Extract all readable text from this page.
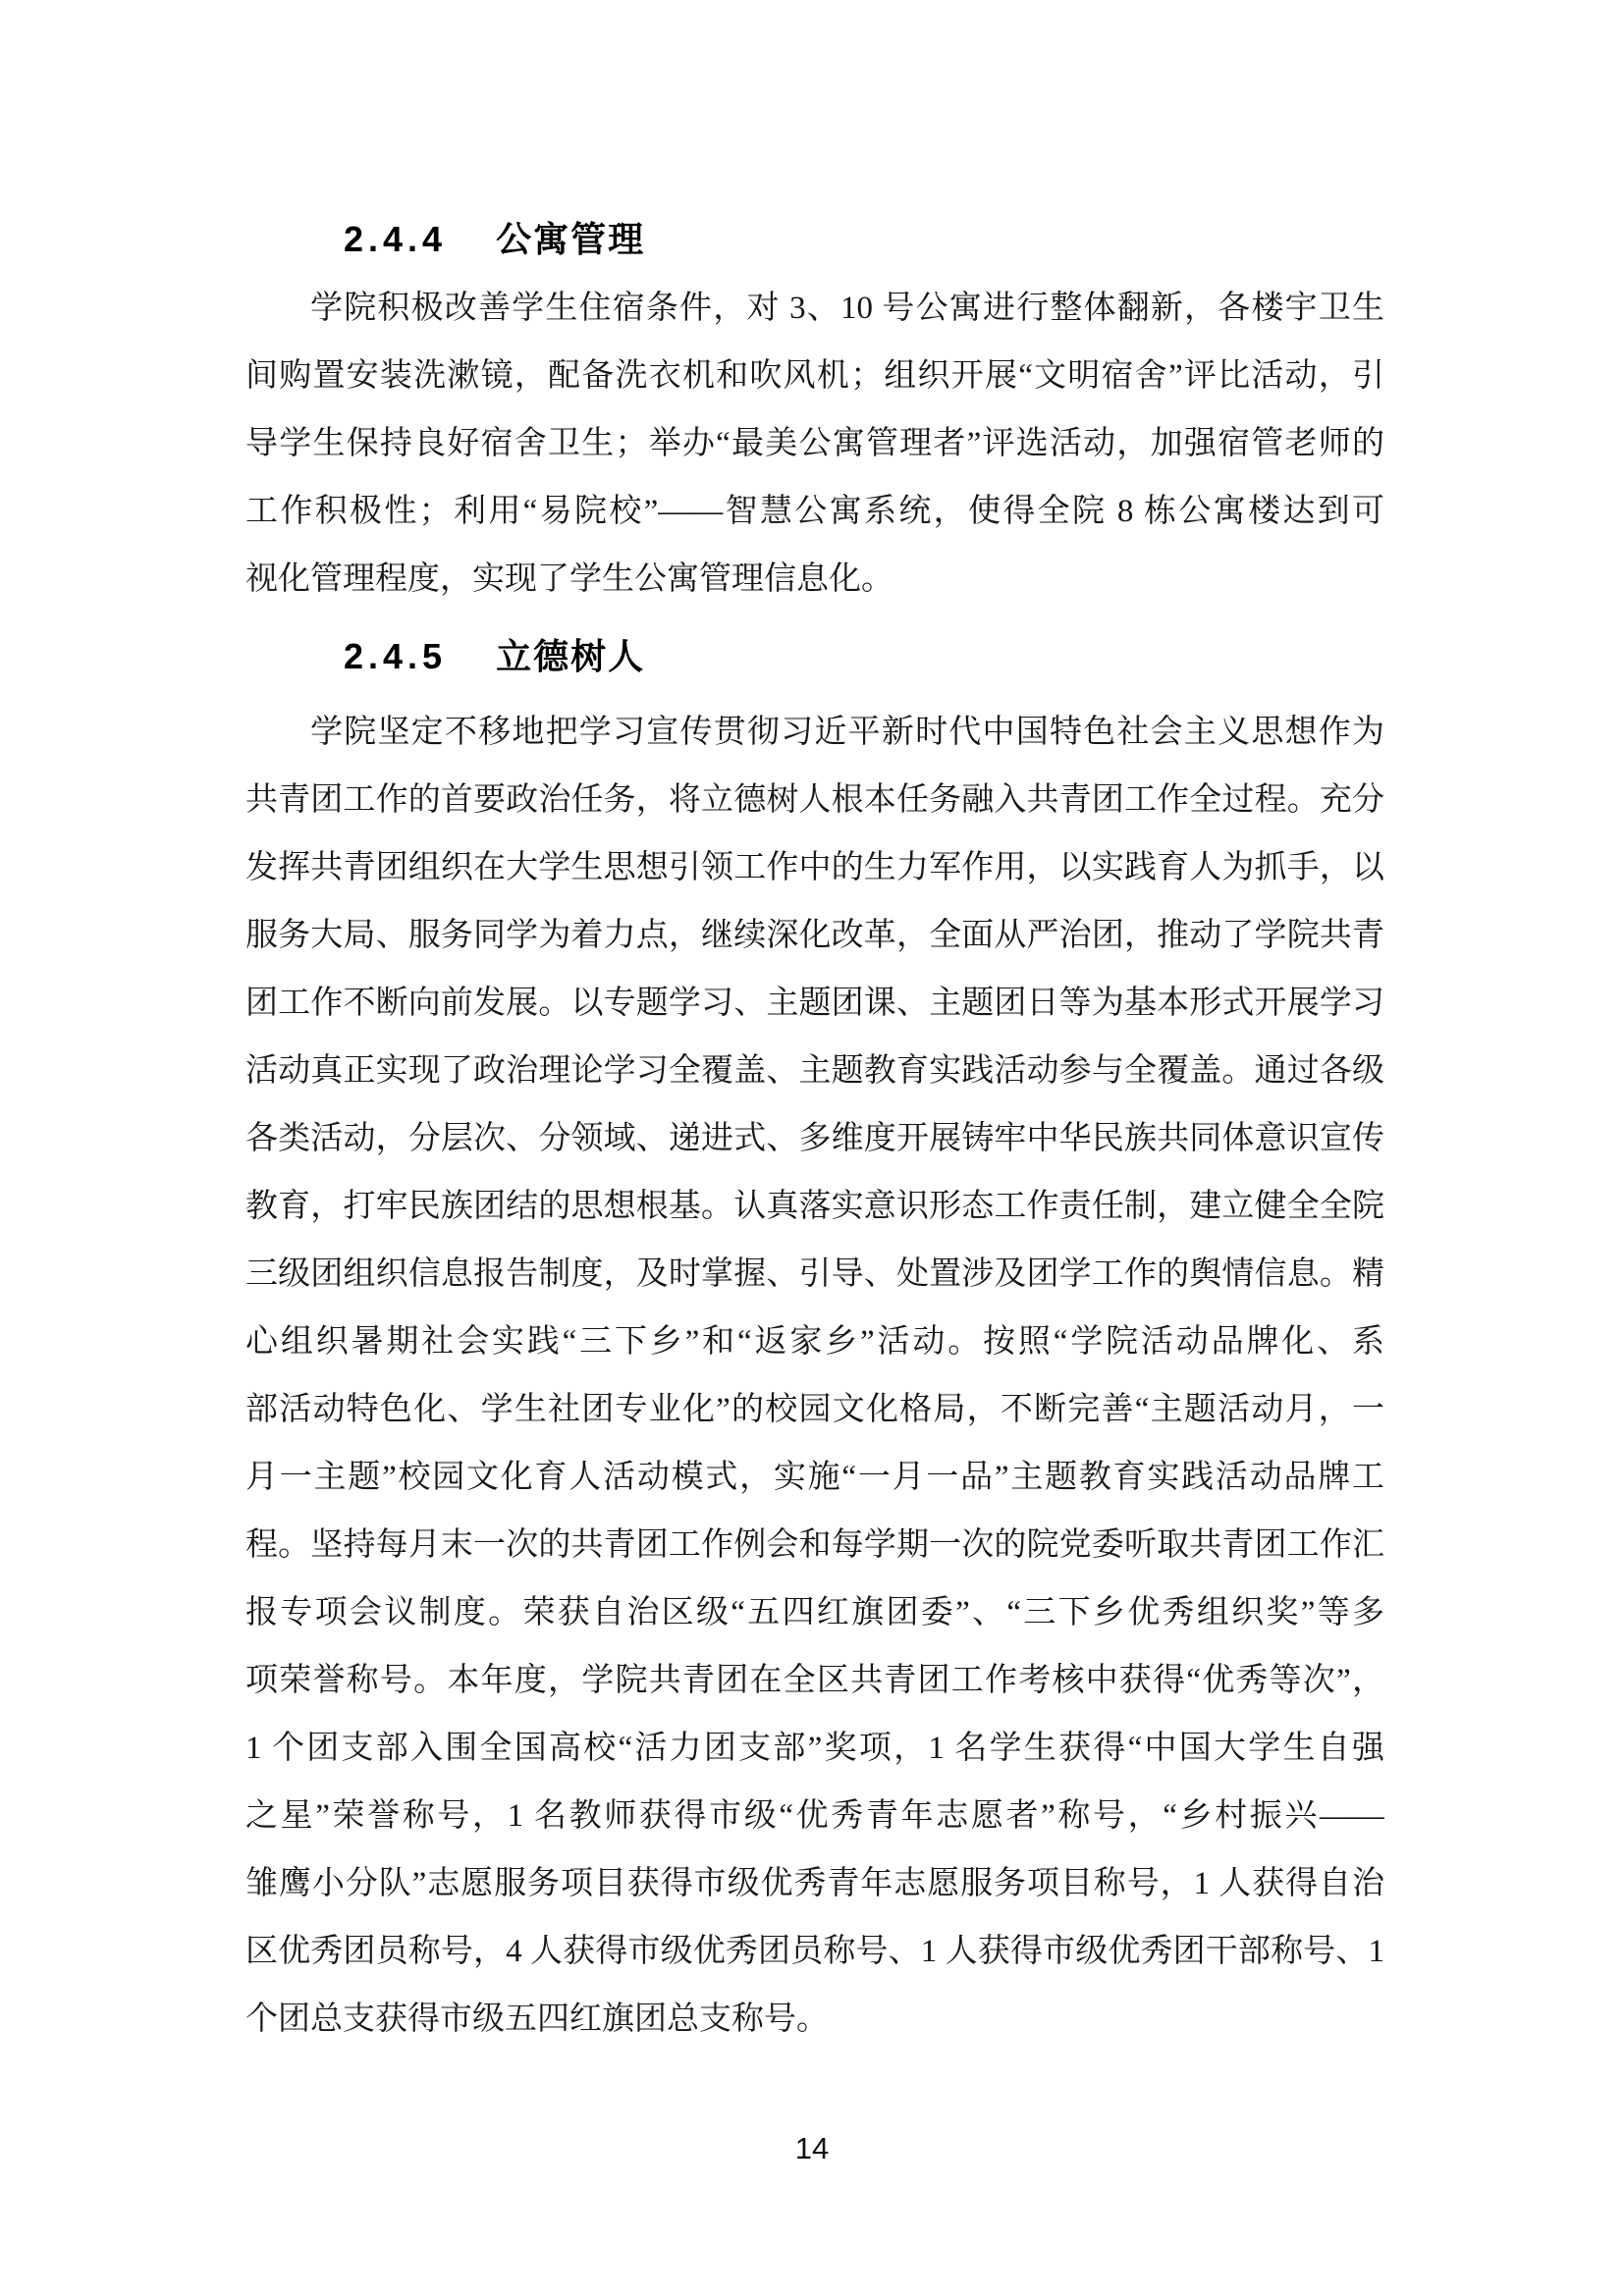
2.4.4 公寓管理
学院积极改善学生住宿条件，对 3、10 号公寓进行整体翻新，各楼宇卫生
间购置安装洗漱镜，配备洗衣机和吹风机；组织开展“文明宿舍”评比活动，引
导学生保持良好宿舍卫生；举办“最美公寓管理者”评选活动，加强宿管老师的
工作积极性；利用“易院校”——智慧公寓系统，使得全院 8 栋公寓楼达到可
视化管理程度，实现了学生公寓管理信息化。
2.4.5 立德树人
学院坚定不移地把学习宣传贯彻习近平新时代中国特色社会主义思想作为
共青团工作的首要政治任务，将立德树人根本任务融入共青团工作全过程。充分
发挥共青团组织在大学生思想引领工作中的生力军作用，以实践育人为抓手，以
服务大局、服务同学为着力点，继续深化改革，全面从严治团，推动了学院共青
团工作不断向前发展。以专题学习、主题团课、主题团日等为基本形式开展学习
活动真正实现了政治理论学习全覆盖、主题教育实践活动参与全覆盖。通过各级
各类活动，分层次、分领域、递进式、多维度开展铸牢中华民族共同体意识宣传
教育，打牢民族团结的思想根基。认真落实意识形态工作责任制，建立健全全院
三级团组织信息报告制度，及时掌握、引导、处置涉及团学工作的舆情信息。精
心组织暑期社会实践“三下乡”和“返家乡”活动。按照“学院活动品牌化、系
部活动特色化、学生社团专业化”的校园文化格局，不断完善“主题活动月，一
月一主题”校园文化育人活动模式，实施“一月一品”主题教育实践活动品牌工
程。坚持每月末一次的共青团工作例会和每学期一次的院党委听取共青团工作汇
报专项会议制度。荣获自治区级“五四红旗团委”、“三下乡优秀组织奖”等多
项荣誉称号。本年度，学院共青团在全区共青团工作考核中获得“优秀等次”，
1 个团支部入围全国高校“活力团支部”奖项，1 名学生获得“中国大学生自强
之星”荣誉称号，1 名教师获得市级“优秀青年志愿者”称号，“乡村振兴——
雏鹰小分队”志愿服务项目获得市级优秀青年志愿服务项目称号，1 人获得自治
区优秀团员称号，4 人获得市级优秀团员称号、1 人获得市级优秀团干部称号、1
个团总支获得市级五四红旗团总支称号。
14
